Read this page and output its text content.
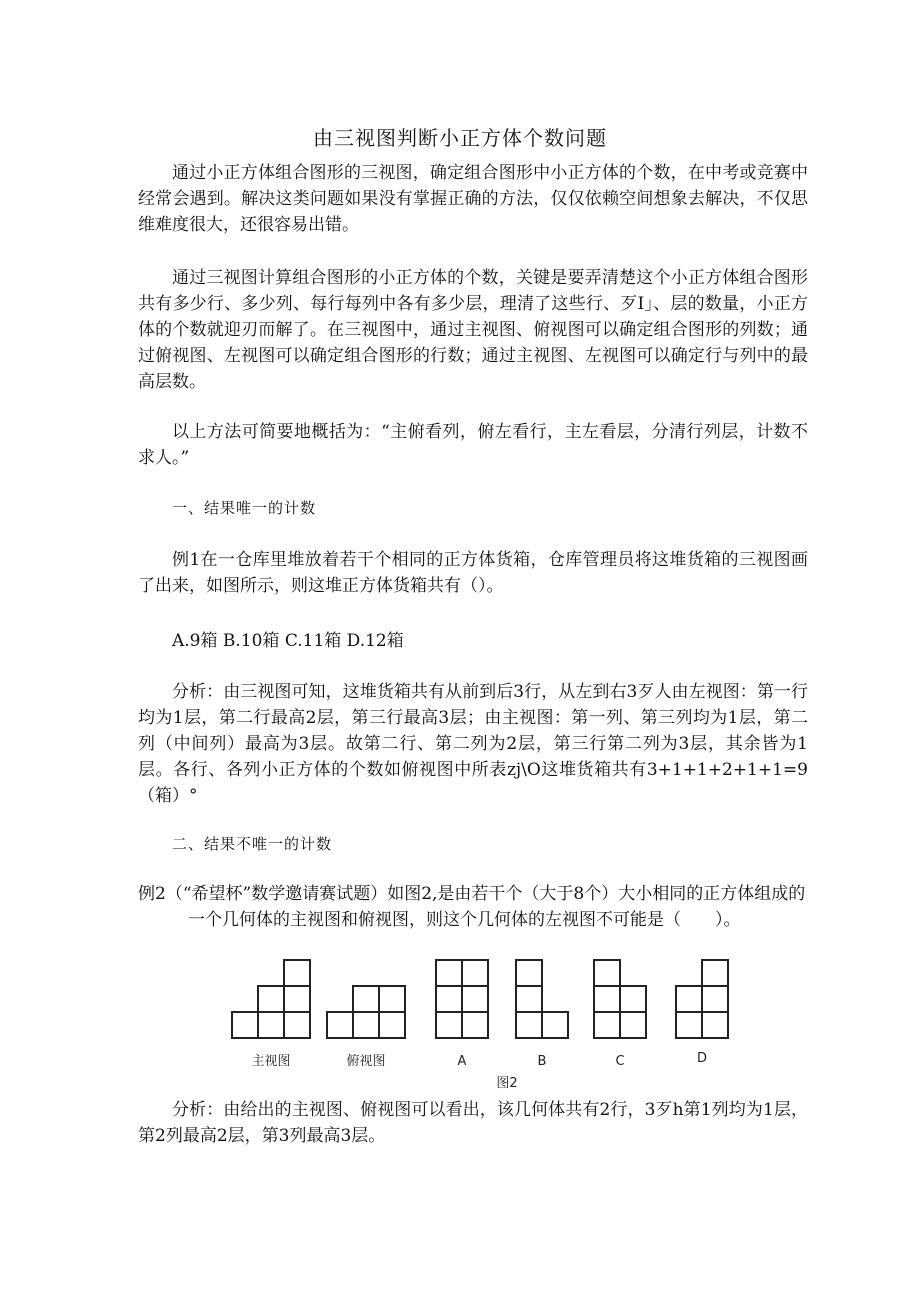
由三视图判断小正方体个数问题

通过小正方体组合图形的三视图，确定组合图形中小正方体的个数，在中考或竞赛中经常会遇到。解决这类问题如果没有掌握正确的方法，仅仅依赖空间想象去解决，不仅思维难度很大，还很容易出错。

通过三视图计算组合图形的小正方体的个数，关键是要弄清楚这个小正方体组合图形共有多少行、多少列、每行每列中各有多少层，理清了这些行、歹I」、层的数量，小正方体的个数就迎刃而解了。在三视图中，通过主视图、俯视图可以确定组合图形的列数；通过俯视图、左视图可以确定组合图形的行数；通过主视图、左视图可以确定行与列中的最高层数。

以上方法可简要地概括为：“主俯看列，俯左看行，主左看层，分清行列层，计数不求人。”

一、结果唯一的计数

例1在一仓库里堆放着若干个相同的正方体货箱，仓库管理员将这堆货箱的三视图画了出来，如图所示，则这堆正方体货箱共有（）。

A.9箱 B.10箱 C.11箱 D.12箱

分析：由三视图可知，这堆货箱共有从前到后3行，从左到右3歹人由左视图：第一行均为1层，第二行最高2层，第三行最高3层；由主视图：第一列、第三列均为1层，第二列（中间列）最高为3层。故第二行、第二列为2层，第三行第二列为3层，其余皆为1层。各行、各列小正方体的个数如俯视图中所表zj\O这堆货箱共有3+1+1+2+1+1=9（箱）°

二、结果不唯一的计数

例2（“希望杯”数学邀请赛试题）如图2,是由若干个（大于8个）大小相同的正方体组成的一个几何体的主视图和俯视图，则这个几何体的左视图不可能是（　　）。

主视图	俯视图	A	B	C	D
图2

分析：由给出的主视图、俯视图可以看出，该几何体共有2行，3歹h第1列均为1层，第2列最高2层，第3列最高3层。
